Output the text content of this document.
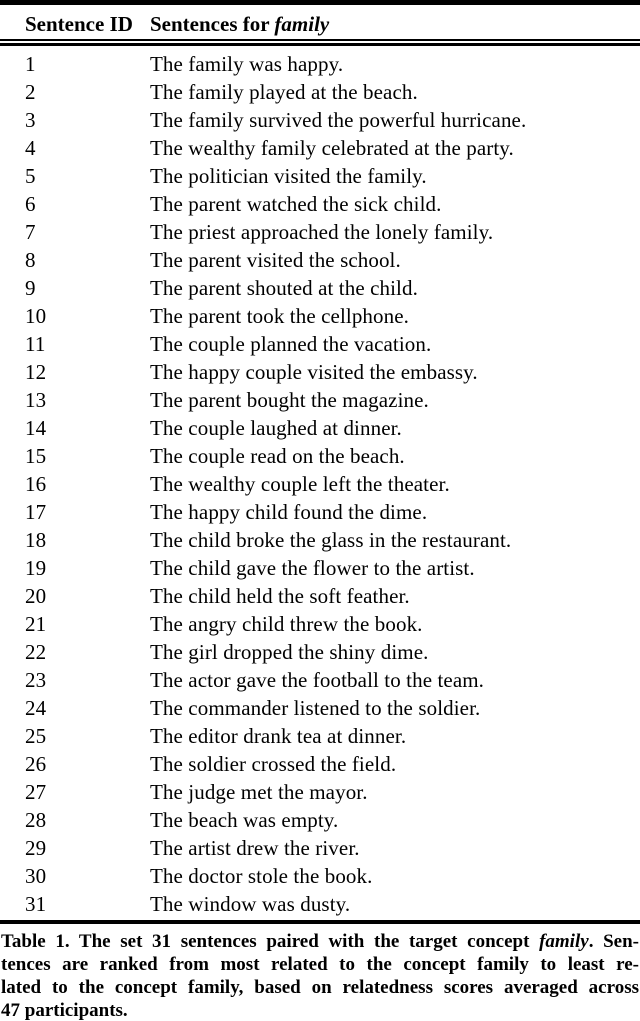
Sentence ID Sentences for family
1	The family was happy.
2	The family played at the beach.
3	The family survived the powerful hurricane.
4	The wealthy family celebrated at the party.
5	The politician visited the family.
6	The parent watched the sick child.
7	The priest approached the lonely family.
8	The parent visited the school.
9	The parent shouted at the child.
10	The parent took the cellphone.
11	The couple planned the vacation.
12	The happy couple visited the embassy.
13	The parent bought the magazine.
14	The couple laughed at dinner.
15	The couple read on the beach.
16	The wealthy couple left the theater.
17	The happy child found the dime.
18	The child broke the glass in the restaurant.
19	The child gave the flower to the artist.
20	The child held the soft feather.
21	The angry child threw the book.
22	The girl dropped the shiny dime.
23	The actor gave the football to the team.
24	The commander listened to the soldier.
25	The editor drank tea at dinner.
26	The soldier crossed the field.
27	The judge met the mayor.
28	The beach was empty.
29	The artist drew the river.
30	The doctor stole the book.
31	The window was dusty.
Table 1. The set 31 sentences paired with the target concept family. Sen-
tences are ranked from most related to the concept family to least re-
lated to the concept family, based on relatedness scores averaged across
47 participants.
